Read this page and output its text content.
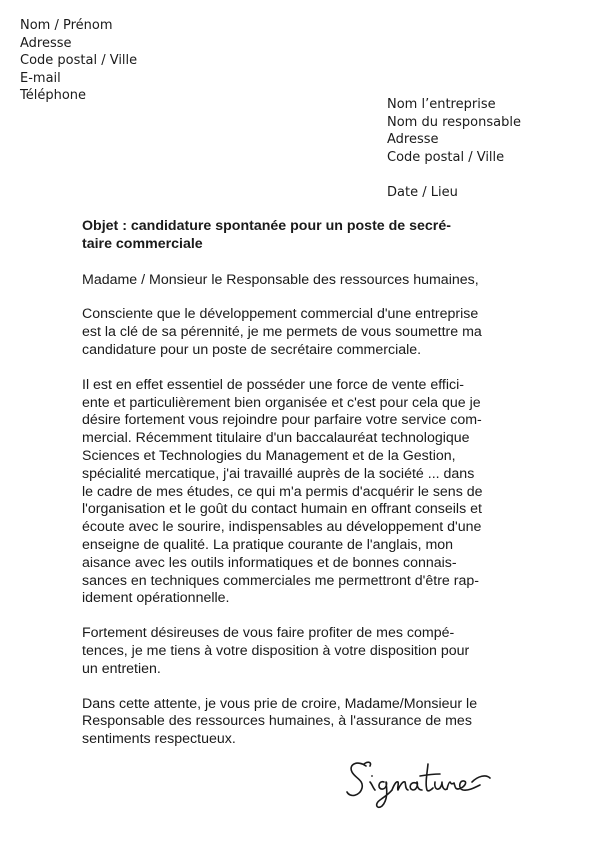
Nom / Prénom
Adresse
Code postal / Ville
E-mail
Téléphone
Nom l’entreprise
Nom du responsable
Adresse
Code postal / Ville
Date / Lieu
Objet : candidature spontanée pour un poste de secré-
taire commerciale
Madame / Monsieur le Responsable des ressources humaines,
Consciente que le développement commercial d'une entreprise
est la clé de sa pérennité, je me permets de vous soumettre ma
candidature pour un poste de secrétaire commerciale.
Il est en effet essentiel de posséder une force de vente effici-
ente et particulièrement bien organisée et c'est pour cela que je
désire fortement vous rejoindre pour parfaire votre service com-
mercial. Récemment titulaire d'un baccalauréat technologique
Sciences et Technologies du Management et de la Gestion,
spécialité mercatique, j'ai travaillé auprès de la société ... dans
le cadre de mes études, ce qui m'a permis d'acquérir le sens de
l'organisation et le goût du contact humain en offrant conseils et
écoute avec le sourire, indispensables au développement d'une
enseigne de qualité. La pratique courante de l'anglais, mon
aisance avec les outils informatiques et de bonnes connais-
sances en techniques commerciales me permettront d'être rap-
idement opérationnelle.
Fortement désireuses de vous faire profiter de mes compé-
tences, je me tiens à votre disposition à votre disposition pour
un entretien.
Dans cette attente, je vous prie de croire, Madame/Monsieur le
Responsable des ressources humaines, à l'assurance de mes
sentiments respectueux.
